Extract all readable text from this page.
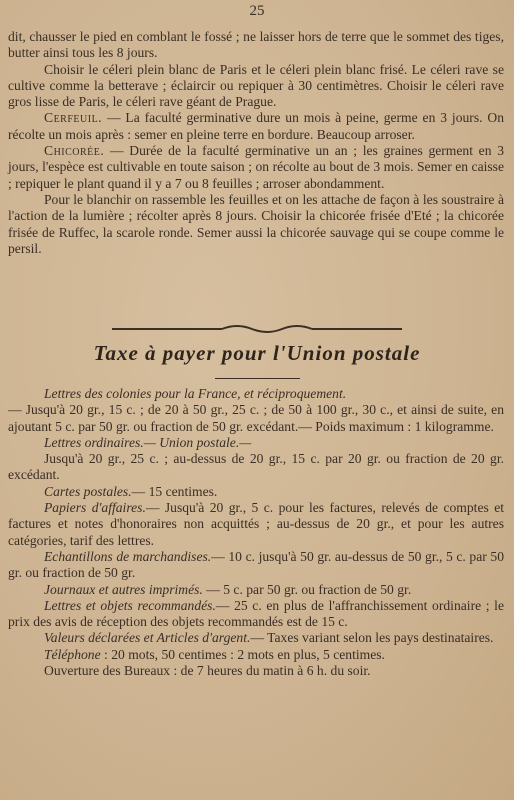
25

dit, chausser le pied en comblant le fossé ; ne laisser hors de terre que le sommet des tiges, butter ainsi tous les 8 jours.

Choisir le céleri plein blanc de Paris et le céleri plein blanc frisé. Le céleri rave se cultive comme la betterave ; éclaircir ou repiquer à 30 centimètres. Choisir le céleri rave gros lisse de Paris, le céleri rave géant de Prague.

Cerfeuil. — La faculté germinative dure un mois à peine, germe en 3 jours. On récolte un mois après : semer en pleine terre en bordure. Beaucoup arroser.

Chicorée. — Durée de la faculté germinative un an ; les graines germent en 3 jours, l'espèce est cultivable en toute saison ; on récolte au bout de 3 mois. Semer en caisse ; repiquer le plant quand il y a 7 ou 8 feuilles ; arroser abondamment.

Pour le blanchir on rassemble les feuilles et on les attache de façon à les soustraire à l'action de la lumière ; récolter après 8 jours. Choisir la chicorée frisée d'Eté ; la chicorée frisée de Ruffec, la scarole ronde. Semer aussi la chicorée sauvage qui se coupe comme le persil.

Taxe à payer pour l'Union postale

Lettres des colonies pour la France, et réciproquement.

— Jusqu'à 20 gr., 15 c. ; de 20 à 50 gr., 25 c. ; de 50 à 100 gr., 30 c., et ainsi de suite, en ajoutant 5 c. par 50 gr. ou fraction de 50 gr. excédant.— Poids maximum : 1 kilogramme.

Lettres ordinaires.— Union postale.—

Jusqu'à 20 gr., 25 c. ; au-dessus de 20 gr., 15 c. par 20 gr. ou fraction de 20 gr. excédant.

Cartes postales.— 15 centimes.

Papiers d'affaires.— Jusqu'à 20 gr., 5 c. pour les factures, relevés de comptes et factures et notes d'honoraires non acquittés ; au-dessus de 20 gr., et pour les autres catégories, tarif des lettres.

Echantillons de marchandises.— 10 c. jusqu'à 50 gr. au-dessus de 50 gr., 5 c. par 50 gr. ou fraction de 50 gr.

Journaux et autres imprimés. — 5 c. par 50 gr. ou fraction de 50 gr.

Lettres et objets recommandés.— 25 c. en plus de l'affranchissement ordinaire ; le prix des avis de réception des objets recommandés est de 15 c.

Valeurs déclarées et Articles d'argent.— Taxes variant selon les pays destinataires.

Téléphone : 20 mots, 50 centimes : 2 mots en plus, 5 centimes.

Ouverture des Bureaux : de 7 heures du matin à 6 h. du soir.
